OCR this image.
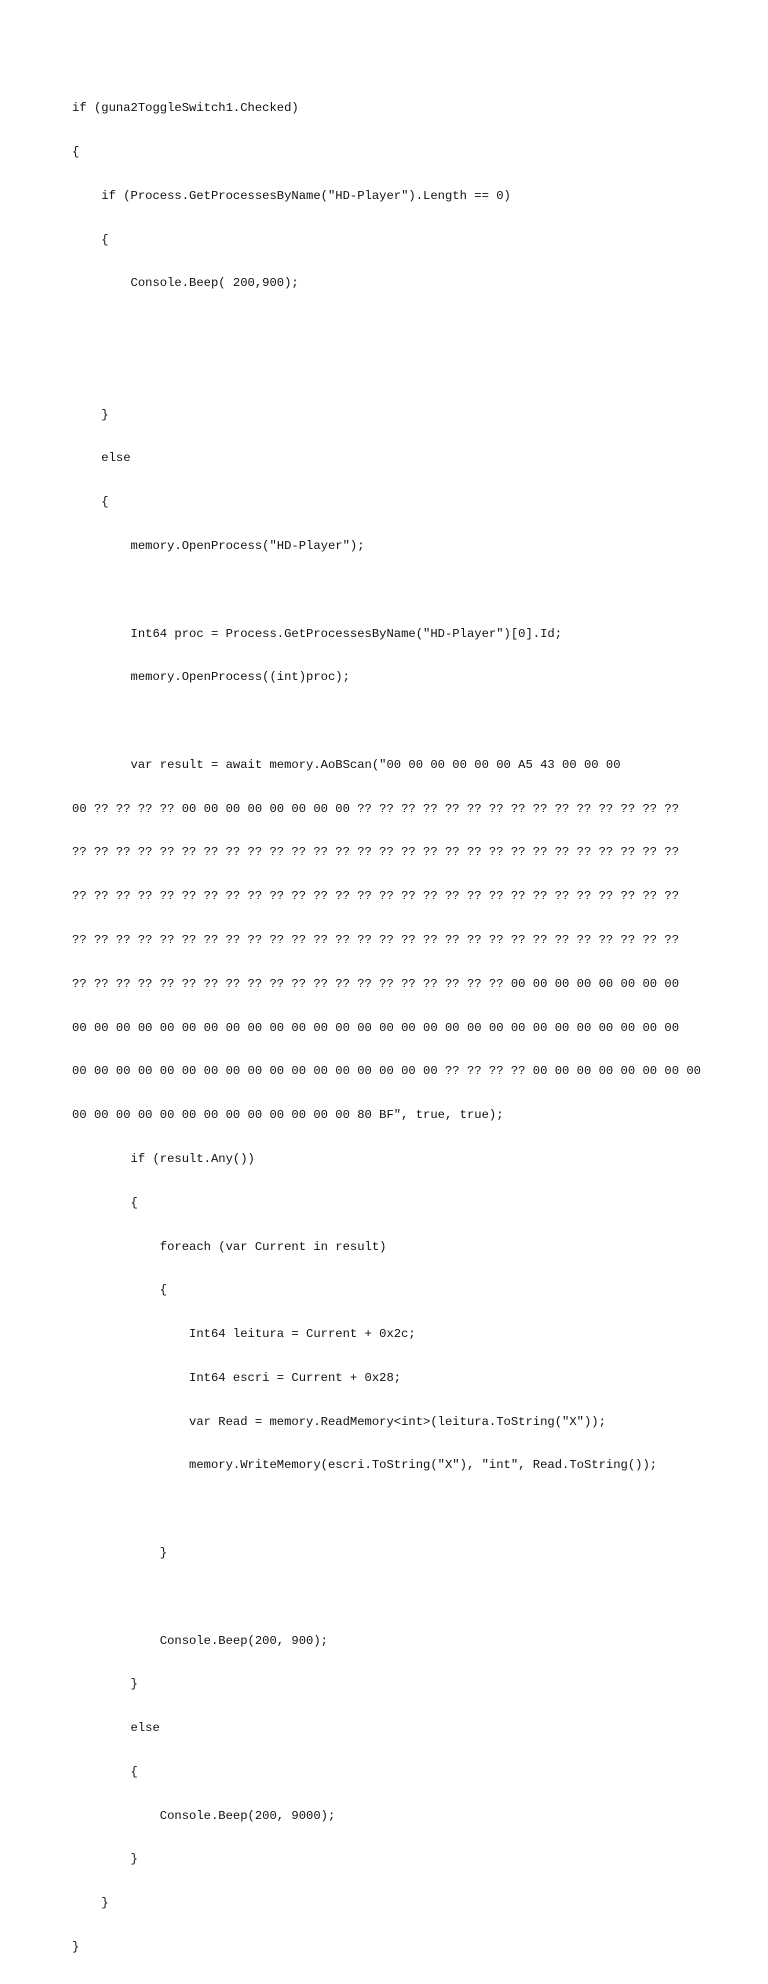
if (guna2ToggleSwitch1.Checked)

{

if (Process.GetProcessesByName("HD-Player").Length == 0)

{

Console.Beep( 200,900);

}

else

{

memory.OpenProcess("HD-Player");

Int64 proc = Process.GetProcessesByName("HD-Player")[0].Id;

memory.OpenProcess((int)proc);

var result = await memory.AoBScan("00 00 00 00 00 00 A5 43 00 00 00

00 ?? ?? ?? ?? 00 00 00 00 00 00 00 00 ?? ?? ?? ?? ?? ?? ?? ?? ?? ?? ?? ?? ?? ?? ??

?? ?? ?? ?? ?? ?? ?? ?? ?? ?? ?? ?? ?? ?? ?? ?? ?? ?? ?? ?? ?? ?? ?? ?? ?? ?? ?? ??

?? ?? ?? ?? ?? ?? ?? ?? ?? ?? ?? ?? ?? ?? ?? ?? ?? ?? ?? ?? ?? ?? ?? ?? ?? ?? ?? ??

?? ?? ?? ?? ?? ?? ?? ?? ?? ?? ?? ?? ?? ?? ?? ?? ?? ?? ?? ?? ?? ?? ?? ?? ?? ?? ?? ??

?? ?? ?? ?? ?? ?? ?? ?? ?? ?? ?? ?? ?? ?? ?? ?? ?? ?? ?? ?? 00 00 00 00 00 00 00 00

00 00 00 00 00 00 00 00 00 00 00 00 00 00 00 00 00 00 00 00 00 00 00 00 00 00 00 00

00 00 00 00 00 00 00 00 00 00 00 00 00 00 00 00 00 ?? ?? ?? ?? 00 00 00 00 00 00 00 00

00 00 00 00 00 00 00 00 00 00 00 00 00 80 BF", true, true);

if (result.Any())

{

foreach (var Current in result)

{

Int64 leitura = Current + 0x2c;

Int64 escri = Current + 0x28;

var Read = memory.ReadMemory<int>(leitura.ToString("X"));

memory.WriteMemory(escri.ToString("X"), "int", Read.ToString());

}

Console.Beep(200, 900);

}

else

{

Console.Beep(200, 9000);

}

}

}
